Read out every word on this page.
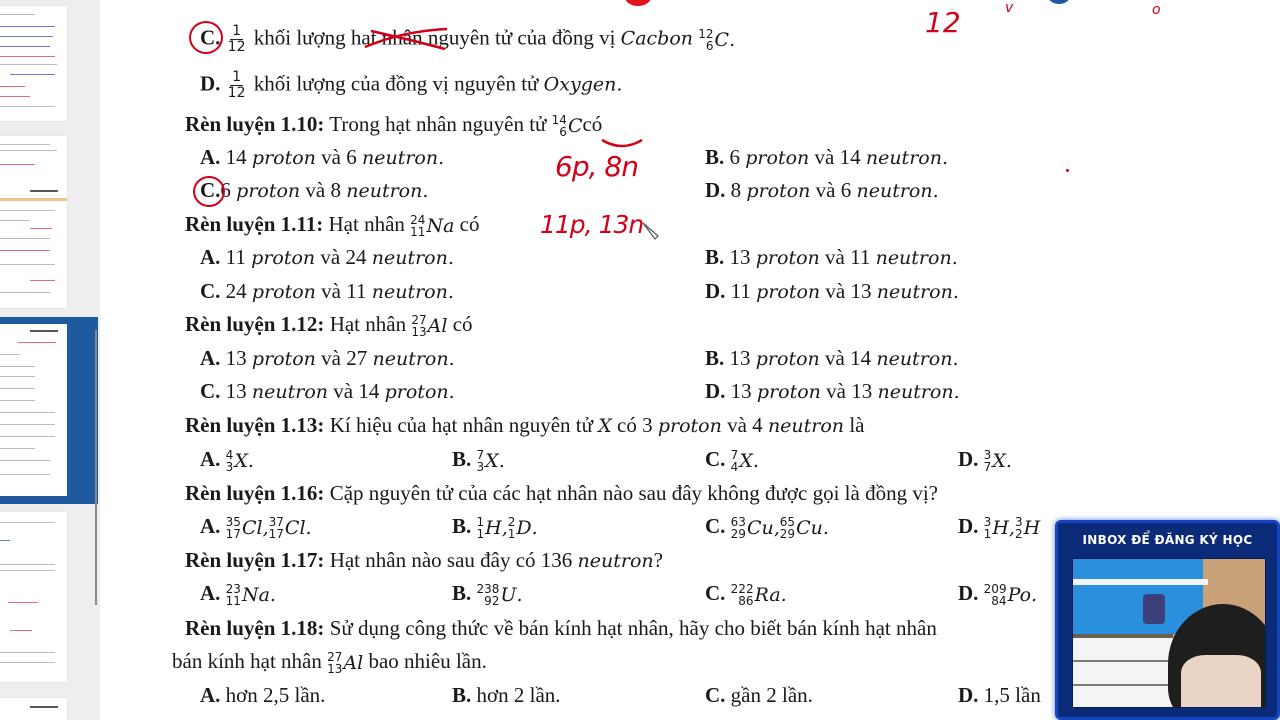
C. $\frac{1}{12}$ khối lượng hạt nhân nguyên tử của đồng vị Cacbon 12
6 C .
D. $\frac{1}{12}$ khối lượng của đồng vị nguyên tử Oxygen.
Rèn luyện 1.10: Trong hạt nhân nguyên tử 14
6 C có
A. 14 proton và 6 neutron.	B. 6 proton và 14 neutron.
C.6 proton và 8 neutron.	D. 8 proton và 6 neutron.
Rèn luyện 1.11: Hạt nhân 24
11 Na có
A. 11 proton và 24 neutron.	B. 13 proton và 11 neutron.
C. 24 proton và 11 neutron.	D. 11 proton và 13 neutron.
Rèn luyện 1.12: Hạt nhân 27
13 Al có
A. 13 proton và 27 neutron.	B. 13 proton và 14 neutron.
C. 13 neutron và 14 proton.	D. 13 proton và 13 neutron.
Rèn luyện 1.13: Kí hiệu của hạt nhân nguyên tử X có 3 proton và 4 neutron là
A. 4
3 X .	B. 7
3 X .	C. 7
4 X .	D. 3
7 X .
Rèn luyện 1.16: Cặp nguyên tử của các hạt nhân nào sau đây không được gọi là đồng vị?
A. 35
17 Cl , 37
17 Cl .	B. 1
1 H , 2
1 D .	C. 63
29 Cu , 65
29 Cu .	D. 3
1 H , 3
2 H
Rèn luyện 1.17: Hạt nhân nào sau đây có 136 neutron?
A. 23
11 Na .	B. 238
92 U .	C. 222
86 Ra .	D. 209
84 Po .
Rèn luyện 1.18: Sử dụng công thức về bán kính hạt nhân, hãy cho biết bán kính hạt nhân
bán kính hạt nhân 27
13 Al bao nhiêu lần.
A. hơn 2,5 lần.	B. hơn 2 lần.	C. gần 2 lần.	D. 1,5 lần
6p, 8n
11p, 13n
12	v	o
INBOX ĐỂ ĐĂNG KÝ HỌC
